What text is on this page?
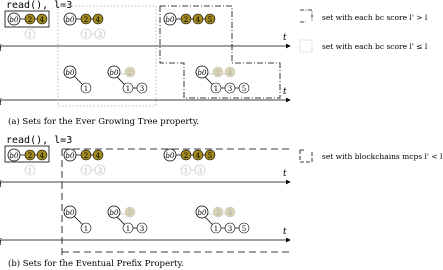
read(), l=3
t
t
b0 2 4
1
b0 2 4
1 3
b0 2 4 5
b0
1
b0 2
1 3
b0 2 4
1 3 5
set with each bc score l' > l
set with each bc score l' ≤ l
(a) Sets for the Ever Growing Tree property.
read(), l=3
t
t
b0 2 4
1
b0 2 4
1 3
b0 2 4 5
1 3
b0
1
b0 2
1 3
b0 2 4
1 3 5
set with blockchains mcps l' < l
(b) Sets for the Eventual Prefix Property.
